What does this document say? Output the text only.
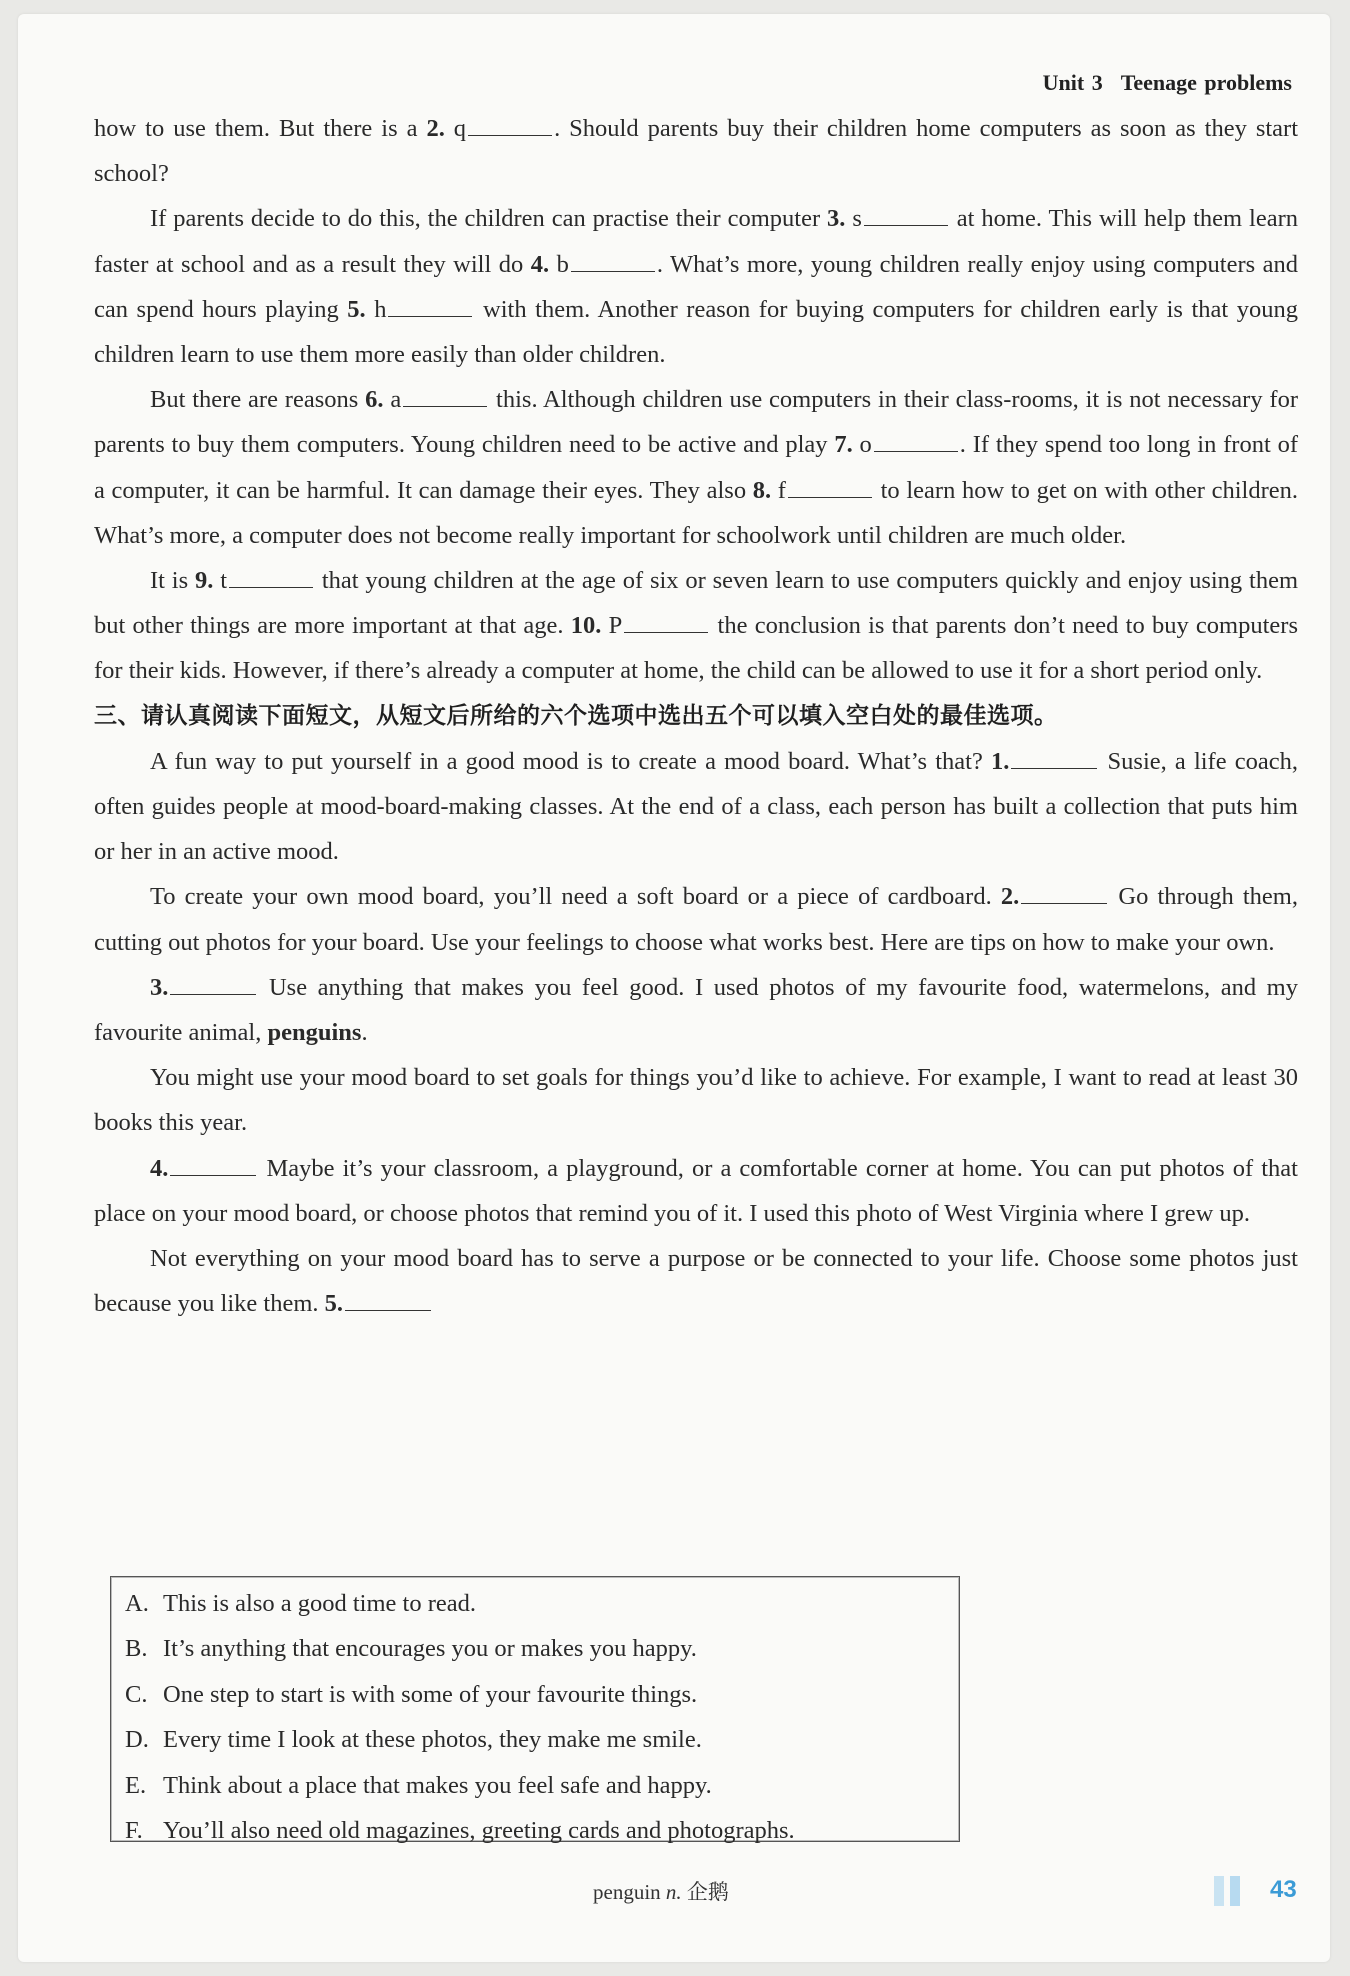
Unit 3 Teenage problems

how to use them. But there is a 2. q	. Should parents buy their children home computers as soon as they start school?

If parents decide to do this, the children can practise their computer 3. s	at home. This will help them learn faster at school and as a result they will do 4. b	. What’s more, young children really enjoy using computers and can spend hours playing 5. h	with them. Another reason for buying computers for children early is that young children learn to use them more easily than older children.

But there are reasons 6. a	this. Although children use computers in their class-rooms, it is not necessary for parents to buy them computers. Young children need to be active and play 7. o	. If they spend too long in front of a computer, it can be harmful. It can damage their eyes. They also 8. f	to learn how to get on with other children. What’s more, a computer does not become really important for schoolwork until children are much older.

It is 9. t	that young children at the age of six or seven learn to use computers quickly and enjoy using them but other things are more important at that age. 10. P	the conclusion is that parents don’t need to buy computers for their kids. However, if there’s already a computer at home, the child can be allowed to use it for a short period only.

三、请认真阅读下面短文，从短文后所给的六个选项中选出五个可以填入空白处的最佳选项。

A fun way to put yourself in a good mood is to create a mood board. What’s that? 1.	Susie, a life coach, often guides people at mood-board-making classes. At the end of a class, each person has built a collection that puts him or her in an active mood.

To create your own mood board, you’ll need a soft board or a piece of cardboard. 2.	Go through them, cutting out photos for your board. Use your feelings to choose what works best. Here are tips on how to make your own.

3.	Use anything that makes you feel good. I used photos of my favourite food, watermelons, and my favourite animal, penguins.

You might use your mood board to set goals for things you’d like to achieve. For example, I want to read at least 30 books this year.

4.	Maybe it’s your classroom, a playground, or a comfortable corner at home. You can put photos of that place on your mood board, or choose photos that remind you of it. I used this photo of West Virginia where I grew up.

Not everything on your mood board has to serve a purpose or be connected to your life. Choose some photos just because you like them. 5.

A. This is also a good time to read.
B. It’s anything that encourages you or makes you happy.
C. One step to start is with some of your favourite things.
D. Every time I look at these photos, they make me smile.
E. Think about a place that makes you feel safe and happy.
F. You’ll also need old magazines, greeting cards and photographs.
penguin n. 企鹅	43
